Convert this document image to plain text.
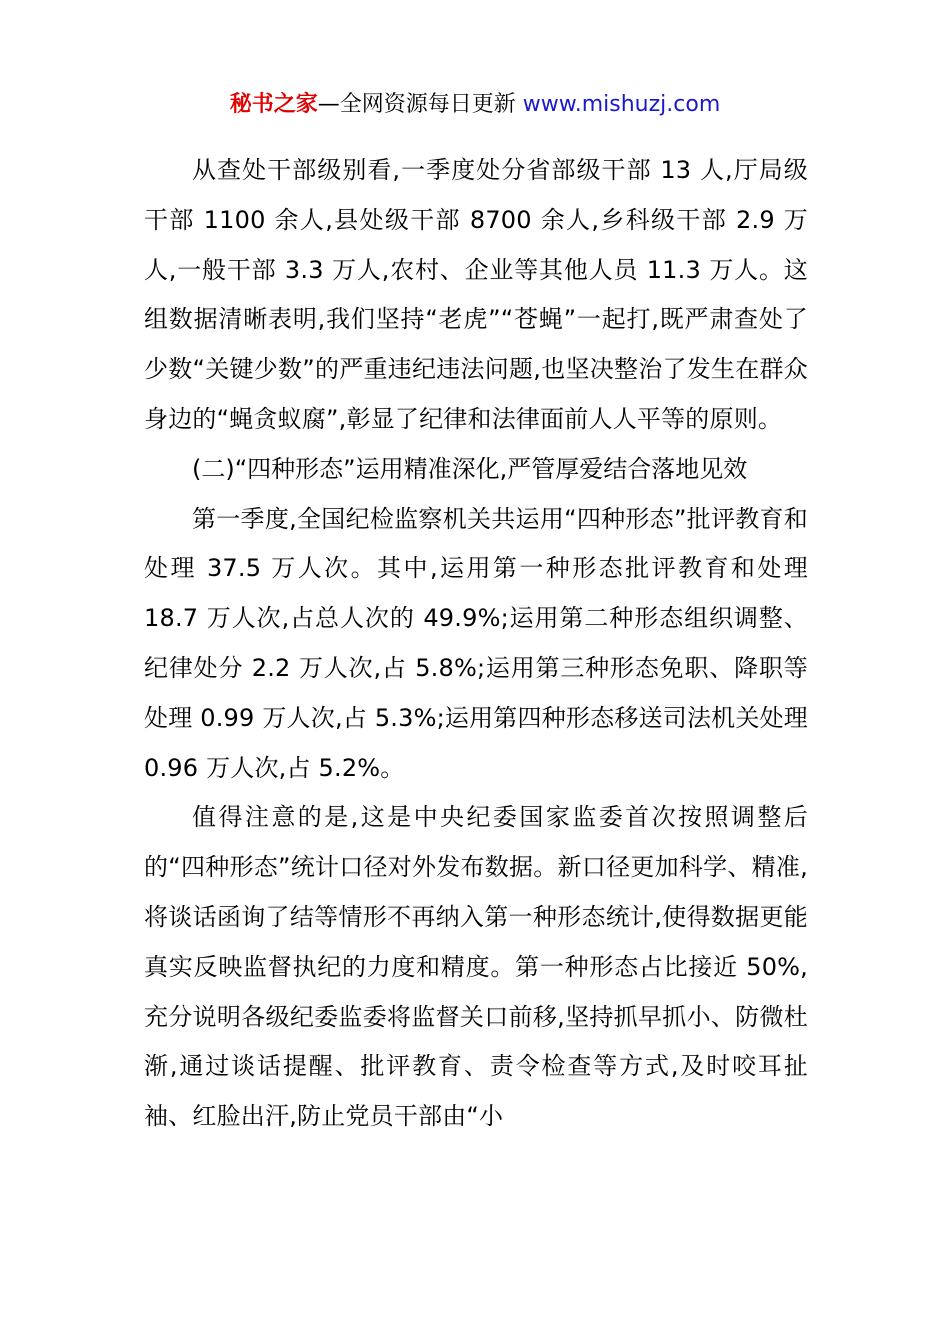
秘书之家—全网资源每日更新 www.mishuzj.com

从查处干部级别看,一季度处分省部级干部 13 人,厅局级干部 1100 余人,县处级干部 8700 余人,乡科级干部 2.9 万人,一般干部 3.3 万人,农村、企业等其他人员 11.3 万人。这组数据清晰表明,我们坚持“老虎”“苍蝇”一起打,既严肃查处了少数“关键少数”的严重违纪违法问题,也坚决整治了发生在群众身边的“蝇贪蚁腐”,彰显了纪律和法律面前人人平等的原则。

(二)“四种形态”运用精准深化,严管厚爱结合落地见效

第一季度,全国纪检监察机关共运用“四种形态”批评教育和处理 37.5 万人次。其中,运用第一种形态批评教育和处理 18.7 万人次,占总人次的 49.9%;运用第二种形态组织调整、纪律处分 2.2 万人次,占 5.8%;运用第三种形态免职、降职等处理 0.99 万人次,占 5.3%;运用第四种形态移送司法机关处理 0.96 万人次,占 5.2%。

值得注意的是,这是中央纪委国家监委首次按照调整后的“四种形态”统计口径对外发布数据。新口径更加科学、精准,将谈话函询了结等情形不再纳入第一种形态统计,使得数据更能真实反映监督执纪的力度和精度。第一种形态占比接近 50%,充分说明各级纪委监委将监督关口前移,坚持抓早抓小、防微杜渐,通过谈话提醒、批评教育、责令检查等方式,及时咬耳扯袖、红脸出汗,防止党员干部由“小
